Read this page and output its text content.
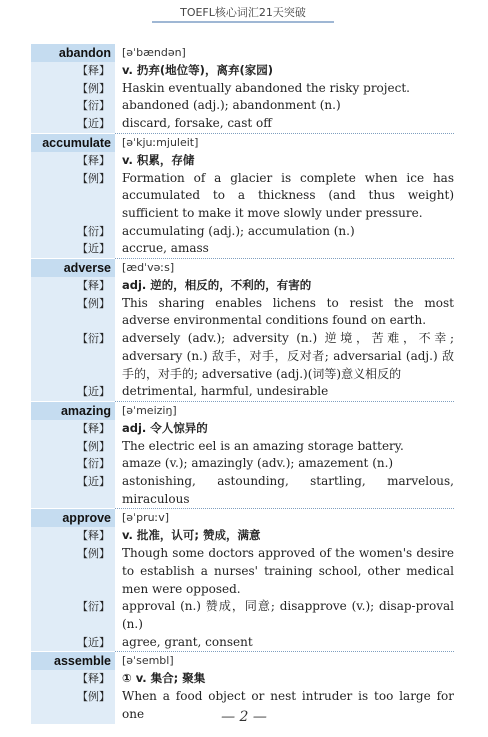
TOEFL核心词汇21天突破
abandon	[əˈbændən]
【释】	v. 扔弃(地位等)，离弃(家园)
【例】	Haskin eventually abandoned the risky project.
【衍】	abandoned (adj.); abandonment (n.)
【近】	discard, forsake, cast off
accumulate	[əˈkjuːmjuleit]
【释】	v. 积累，存储
【例】	Formation of a glacier is complete when ice has accumulated to a thickness (and thus weight) sufficient to make it move slowly under pressure.
【衍】	accumulating (adj.); accumulation (n.)
【近】	accrue, amass
adverse	[ædˈvəːs]
【释】	adj. 逆的，相反的，不利的，有害的
【例】	This sharing enables lichens to resist the most adverse environmental conditions found on earth.
【衍】	adversely (adv.); adversity (n.) 逆境，苦难，不幸; adversary (n.) 敌手，对手，反对者; adversarial (adj.) 敌手的，对手的; adversative (adj.)(词等)意义相反的
【近】	detrimental, harmful, undesirable
amazing	[əˈmeiziŋ]
【释】	adj. 令人惊异的
【例】	The electric eel is an amazing storage battery.
【衍】	amaze (v.); amazingly (adv.); amazement (n.)
【近】	astonishing, astounding, startling, marvelous, miraculous
approve	[əˈpruːv]
【释】	v. 批准，认可; 赞成，满意
【例】	Though some doctors approved of the women's desire to establish a nurses' training school, other medical men were opposed.
【衍】	approval (n.) 赞成，同意; disapprove (v.); disap-proval (n.)
【近】	agree, grant, consent
assemble	[əˈsembl]
【释】	① v. 集合; 聚集
【例】	When a food object or nest intruder is too large for one	— 2 —
